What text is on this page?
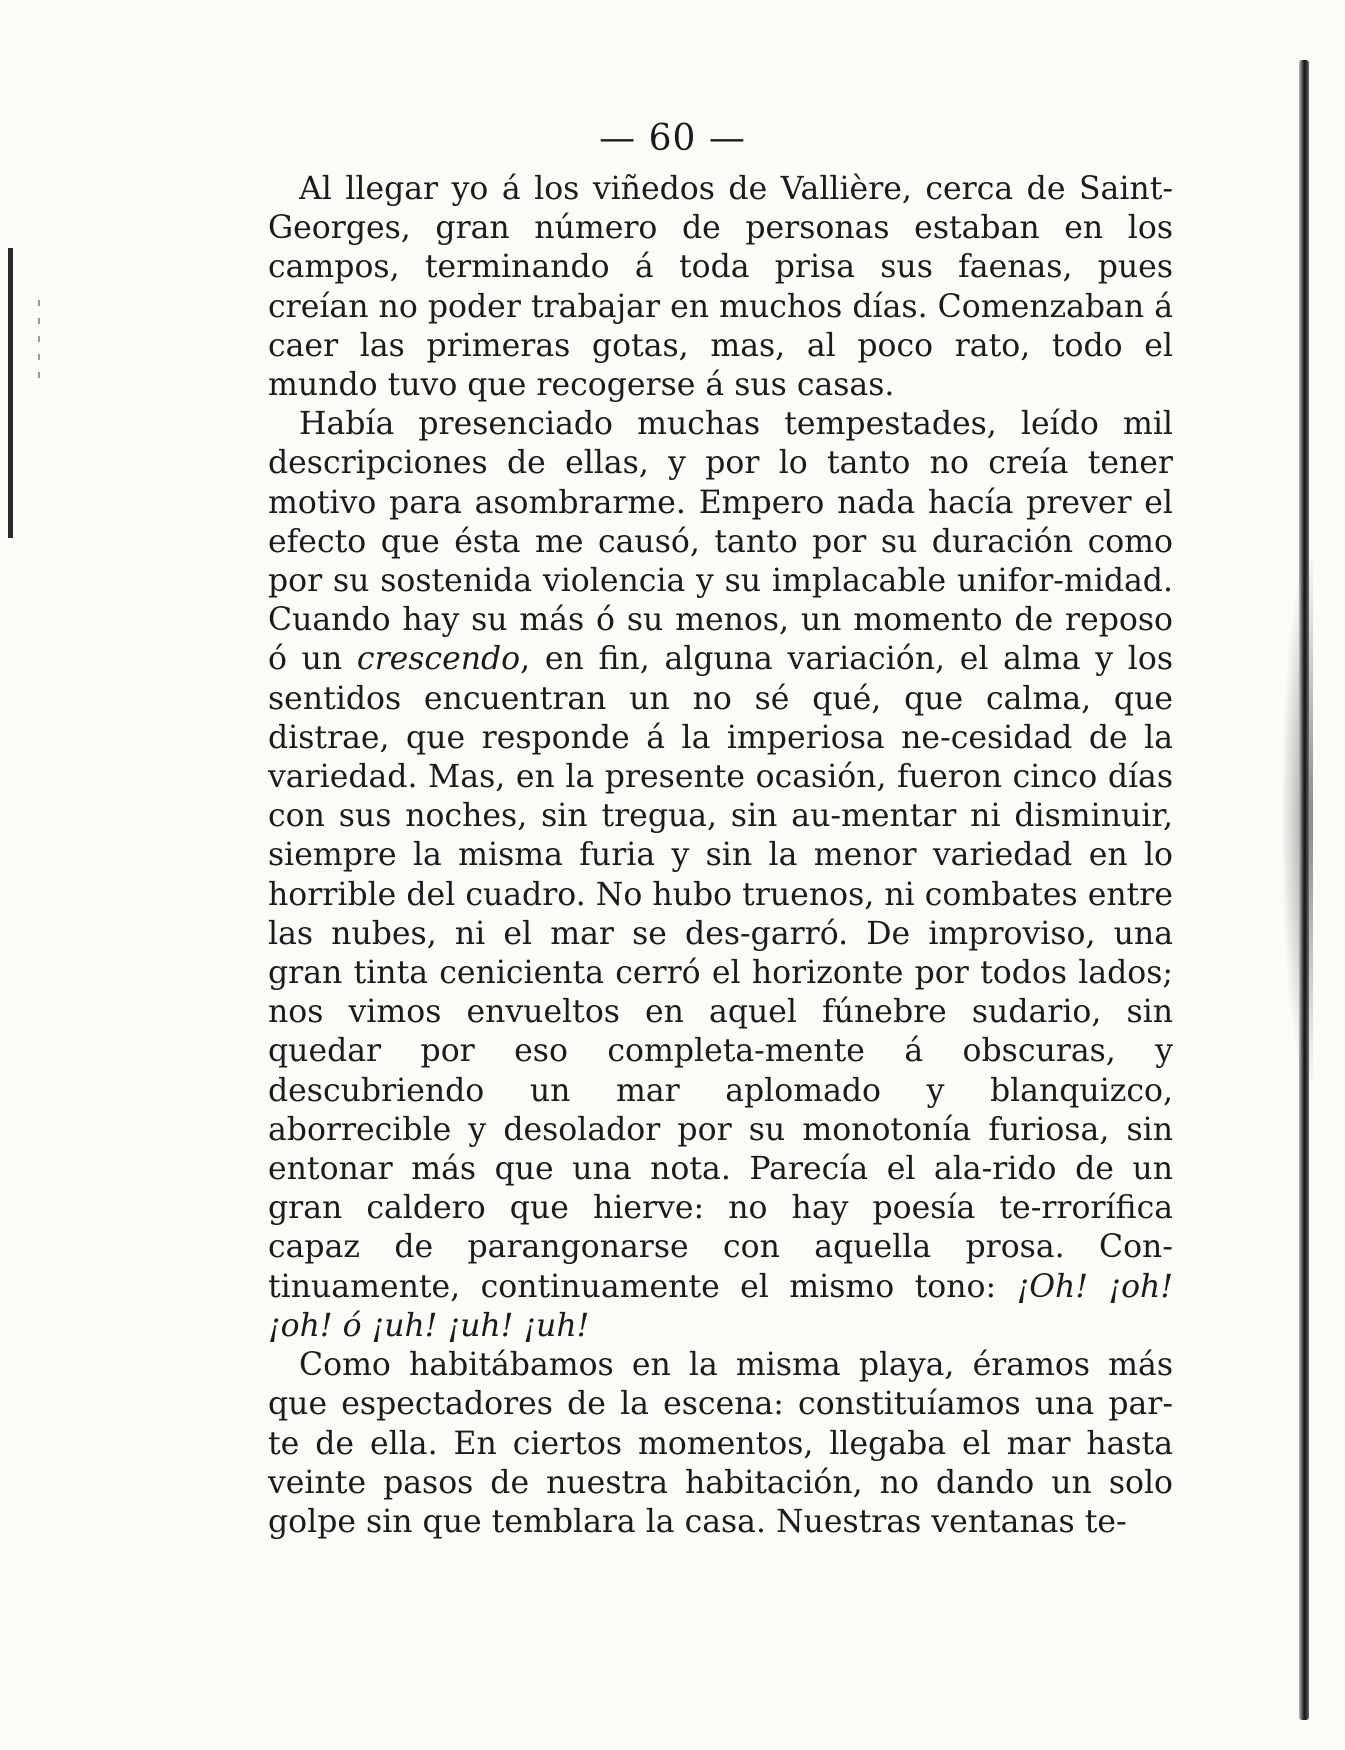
— 60 —

Al llegar yo á los viñedos de Vallière, cerca de Saint-Georges, gran número de personas estaban en los campos, terminando á toda prisa sus faenas, pues creían no poder trabajar en muchos días. Comenzaban á caer las primeras gotas, mas, al poco rato, todo el mundo tuvo que recogerse á sus casas.

Había presenciado muchas tempestades, leído mil descripciones de ellas, y por lo tanto no creía tener motivo para asombrarme. Empero nada hacía prever el efecto que ésta me causó, tanto por su duración como por su sostenida violencia y su implacable unifor-midad. Cuando hay su más ó su menos, un momento de reposo ó un crescendo, en fin, alguna variación, el alma y los sentidos encuentran un no sé qué, que calma, que distrae, que responde á la imperiosa ne-cesidad de la variedad. Mas, en la presente ocasión, fueron cinco días con sus noches, sin tregua, sin au-mentar ni disminuir, siempre la misma furia y sin la menor variedad en lo horrible del cuadro. No hubo truenos, ni combates entre las nubes, ni el mar se des-garró. De improviso, una gran tinta cenicienta cerró el horizonte por todos lados; nos vimos envueltos en aquel fúnebre sudario, sin quedar por eso completa-mente á obscuras, y descubriendo un mar aplomado y blanquizco, aborrecible y desolador por su monotonía furiosa, sin entonar más que una nota. Parecía el ala-rido de un gran caldero que hierve: no hay poesía te-rrorífica capaz de parangonarse con aquella prosa. Con-tinuamente, continuamente el mismo tono: ¡Oh! ¡oh! ¡oh! ó ¡uh! ¡uh! ¡uh!

Como habitábamos en la misma playa, éramos más que espectadores de la escena: constituíamos una par-te de ella. En ciertos momentos, llegaba el mar hasta veinte pasos de nuestra habitación, no dando un solo golpe sin que temblara la casa. Nuestras ventanas te-
